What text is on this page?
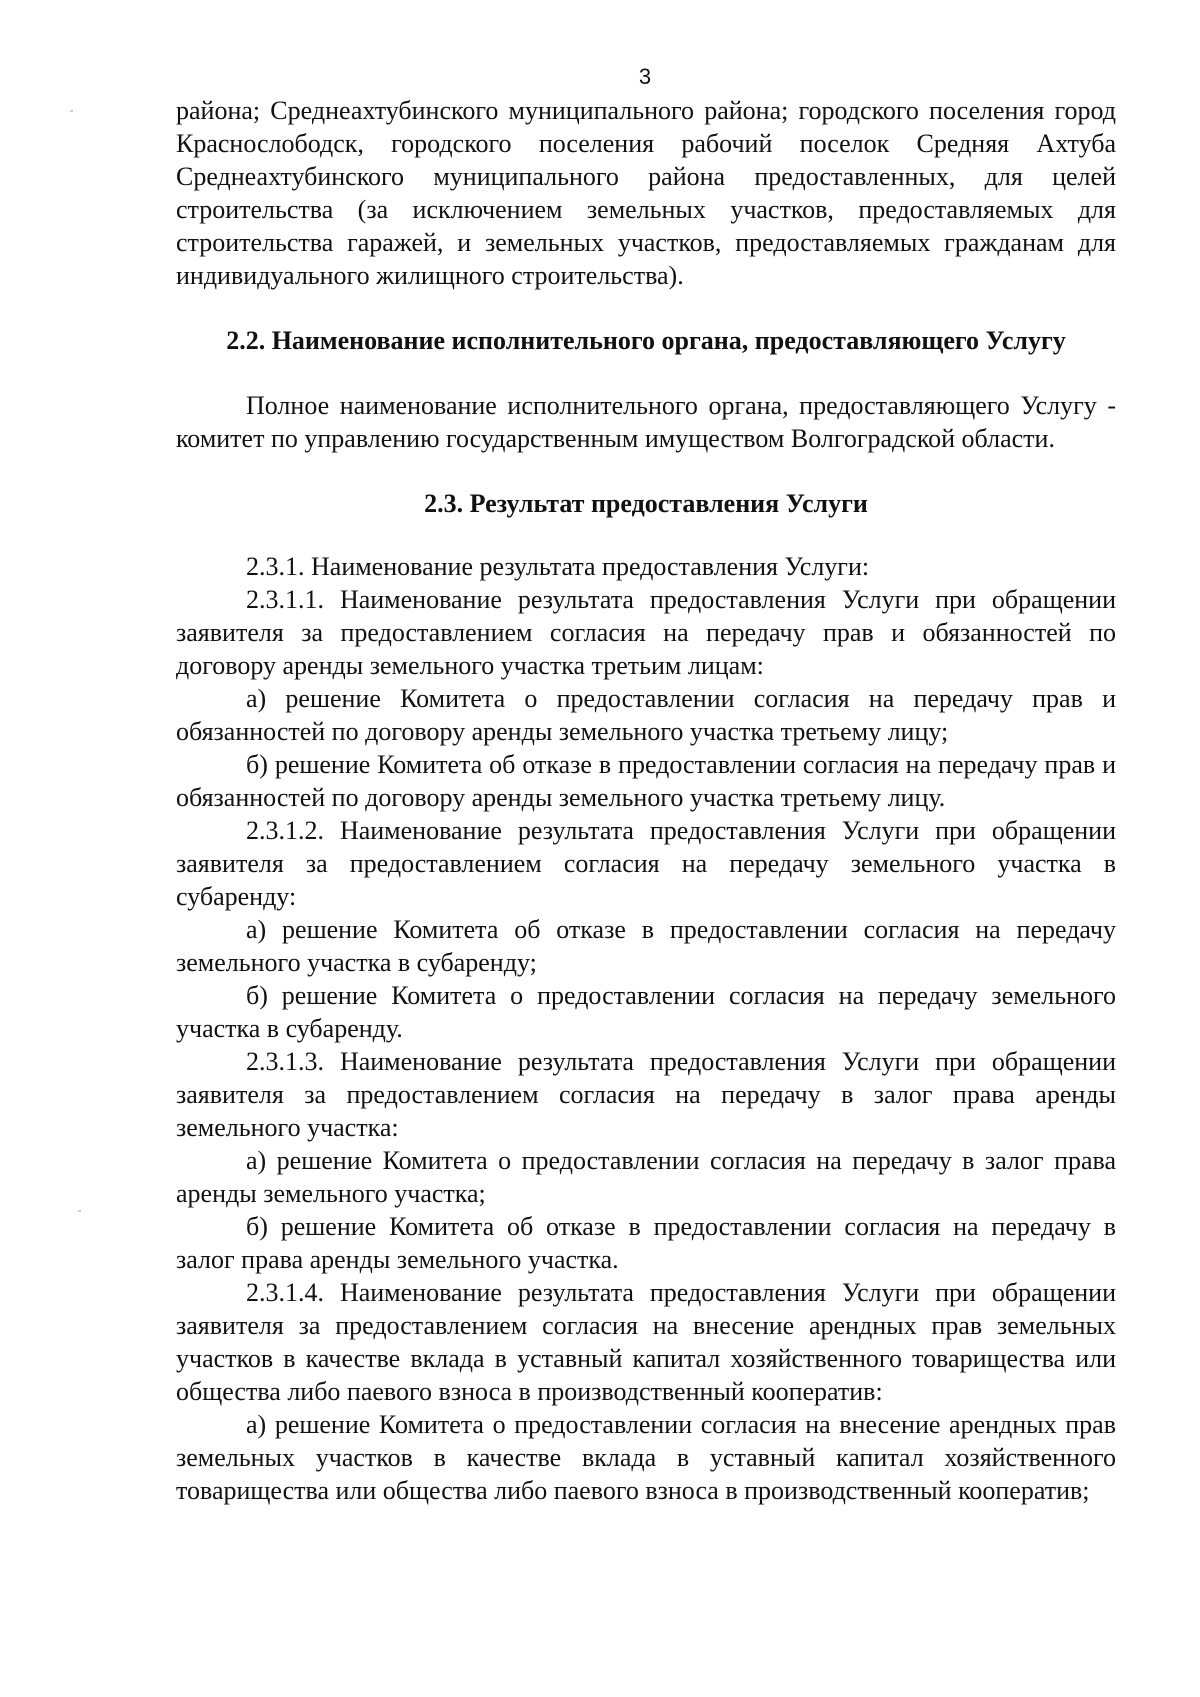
3

района; Среднеахтубинского муниципального района; городского поселения город Краснослободск, городского поселения рабочий поселок Средняя Ахтуба Среднеахтубинского муниципального района предоставленных, для целей строительства (за исключением земельных участков, предоставляемых для строительства гаражей, и земельных участков, предоставляемых гражданам для индивидуального жилищного строительства).

2.2. Наименование исполнительного органа, предоставляющего Услугу

Полное наименование исполнительного органа, предоставляющего Услугу - комитет по управлению государственным имуществом Волгоградской области.

2.3. Результат предоставления Услуги

2.3.1. Наименование результата предоставления Услуги:

2.3.1.1. Наименование результата предоставления Услуги при обращении заявителя за предоставлением согласия на передачу прав и обязанностей по договору аренды земельного участка третьим лицам:

а) решение Комитета о предоставлении согласия на передачу прав и обязанностей по договору аренды земельного участка третьему лицу;

б) решение Комитета об отказе в предоставлении согласия на передачу прав и обязанностей по договору аренды земельного участка третьему лицу.

2.3.1.2. Наименование результата предоставления Услуги при обращении заявителя за предоставлением согласия на передачу земельного участка в субаренду:

а) решение Комитета об отказе в предоставлении согласия на передачу земельного участка в субаренду;

б) решение Комитета о предоставлении согласия на передачу земельного участка в субаренду.

2.3.1.3. Наименование результата предоставления Услуги при обращении заявителя за предоставлением согласия на передачу в залог права аренды земельного участка:

а) решение Комитета о предоставлении согласия на передачу в залог права аренды земельного участка;

б) решение Комитета об отказе в предоставлении согласия на передачу в залог права аренды земельного участка.

2.3.1.4. Наименование результата предоставления Услуги при обращении заявителя за предоставлением согласия на внесение арендных прав земельных участков в качестве вклада в уставный капитал хозяйственного товарищества или общества либо паевого взноса в производственный кооператив:

а) решение Комитета о предоставлении согласия на внесение арендных прав земельных участков в качестве вклада в уставный капитал хозяйственного товарищества или общества либо паевого взноса в производственный кооператив;
